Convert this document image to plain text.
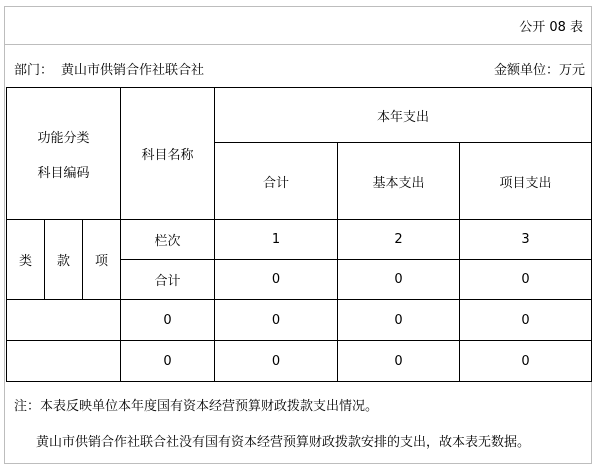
公开 08 表
部门： 黄山市供销合作社联合社	金额单位：万元
功能分类
科目编码			科目名称	本年支出		
				合计	基本支出	项目支出
类	款	项	栏次	1	2	3
			合计	0	0	0
			0	0	0	0
			0	0	0	0
注：本表反映单位本年度国有资本经营预算财政拨款支出情况。
黄山市供销合作社联合社没有国有资本经营预算财政拨款安排的支出，故本表无数据。
